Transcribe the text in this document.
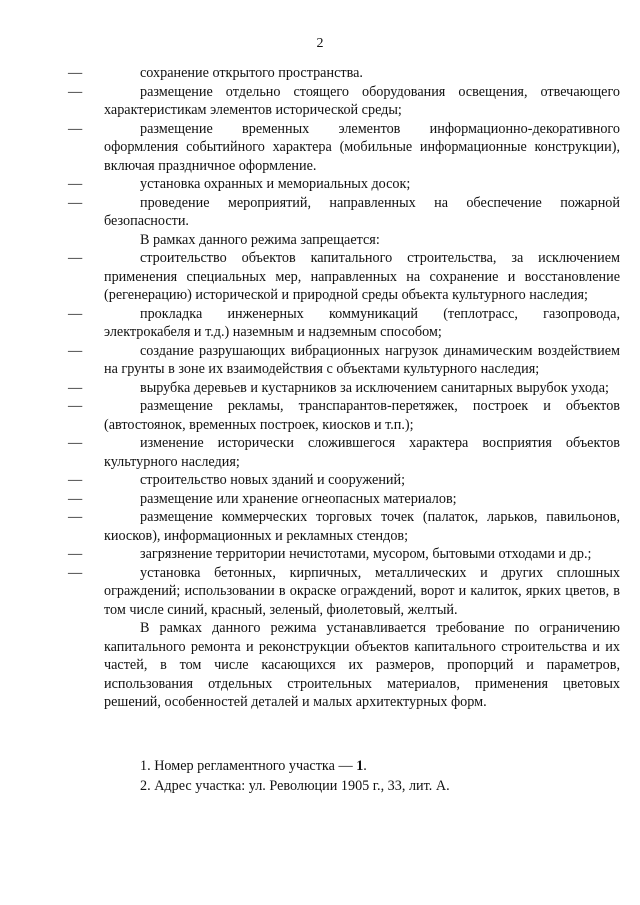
2

— сохранение открытого пространства.

— размещение отдельно стоящего оборудования освещения, отвечающего характеристикам элементов исторической среды;

— размещение временных элементов информационно-декоративного оформления событийного характера (мобильные информационные конструкции), включая праздничное оформление.

— установка охранных и мемориальных досок;

— проведение мероприятий, направленных на обеспечение пожарной безопасности.

В рамках данного режима запрещается:

— строительство объектов капитального строительства, за исключением применения специальных мер, направленных на сохранение и восстановление (регенерацию) исторической и природной среды объекта культурного наследия;

— прокладка инженерных коммуникаций (теплотрасс, газопровода, электрокабеля и т.д.) наземным и надземным способом;

— создание разрушающих вибрационных нагрузок динамическим воздействием на грунты в зоне их взаимодействия с объектами культурного наследия;

— вырубка деревьев и кустарников за исключением санитарных вырубок ухода;

— размещение рекламы, транспарантов-перетяжек, построек и объектов (автостоянок, временных построек, киосков и т.п.);

— изменение исторически сложившегося характера восприятия объектов культурного наследия;

— строительство новых зданий и сооружений;

— размещение или хранение огнеопасных материалов;

— размещение коммерческих торговых точек (палаток, ларьков, павильонов, киосков), информационных и рекламных стендов;

— загрязнение территории нечистотами, мусором, бытовыми отходами и др.;

— установка бетонных, кирпичных, металлических и других сплошных ограждений; использовании в окраске ограждений, ворот и калиток, ярких цветов, в том числе синий, красный, зеленый, фиолетовый, желтый.

В рамках данного режима устанавливается требование по ограничению капитального ремонта и реконструкции объектов капитального строительства и их частей, в том числе касающихся их размеров, пропорций и параметров, использования отдельных строительных материалов, применения цветовых решений, особенностей деталей и малых архитектурных форм.

1. Номер регламентного участка — 1.

2. Адрес участка: ул. Революции 1905 г., 33, лит. А.
